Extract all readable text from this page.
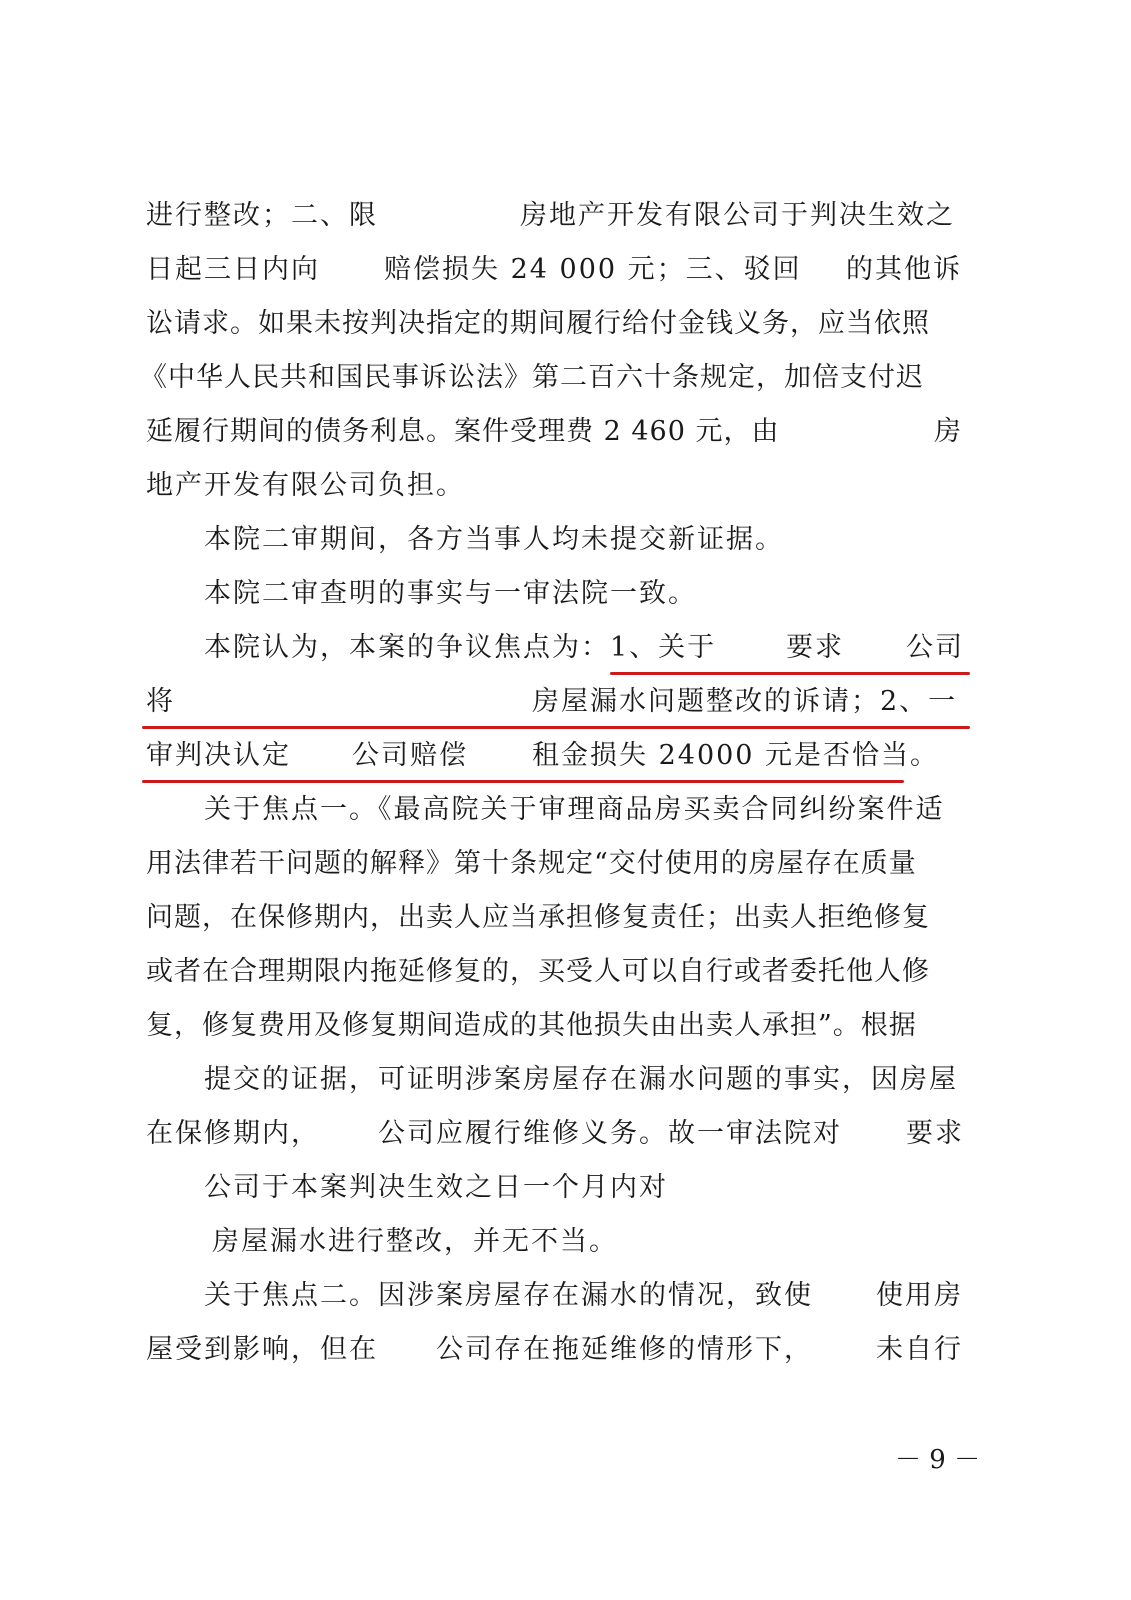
进行整改；二、限	房地产开发有限公司于判决生效之
日起三日内向 赔偿损失 24 000 元；三、驳回 的其他诉
讼请求。如果未按判决指定的期间履行给付金钱义务，应当依照
《中华人民共和国民事诉讼法》第二百六十条规定，加倍支付迟
延履行期间的债务利息。案件受理费 2 460 元，由	房
地产开发有限公司负担。
本院二审期间，各方当事人均未提交新证据。
本院二审查明的事实与一审法院一致。
本院认为，本案的争议焦点为：1、关于	要求 公司
将	房屋漏水问题整改的诉请；2、一
审判决认定 公司赔偿 租金损失 24000 元是否恰当。
关于焦点一。《最高院关于审理商品房买卖合同纠纷案件适
用法律若干问题的解释》第十条规定“交付使用的房屋存在质量
问题，在保修期内，出卖人应当承担修复责任；出卖人拒绝修复
或者在合理期限内拖延修复的，买受人可以自行或者委托他人修
复，修复费用及修复期间造成的其他损失由出卖人承担”。根据
提交的证据，可证明涉案房屋存在漏水问题的事实，因房屋
在保修期内， 公司应履行维修义务。故一审法院对 要求
公司于本案判决生效之日一个月内对
房屋漏水进行整改，并无不当。
关于焦点二。因涉案房屋存在漏水的情况，致使 使用房
屋受到影响，但在 公司存在拖延维修的情形下， 未自行
－ 9 －
